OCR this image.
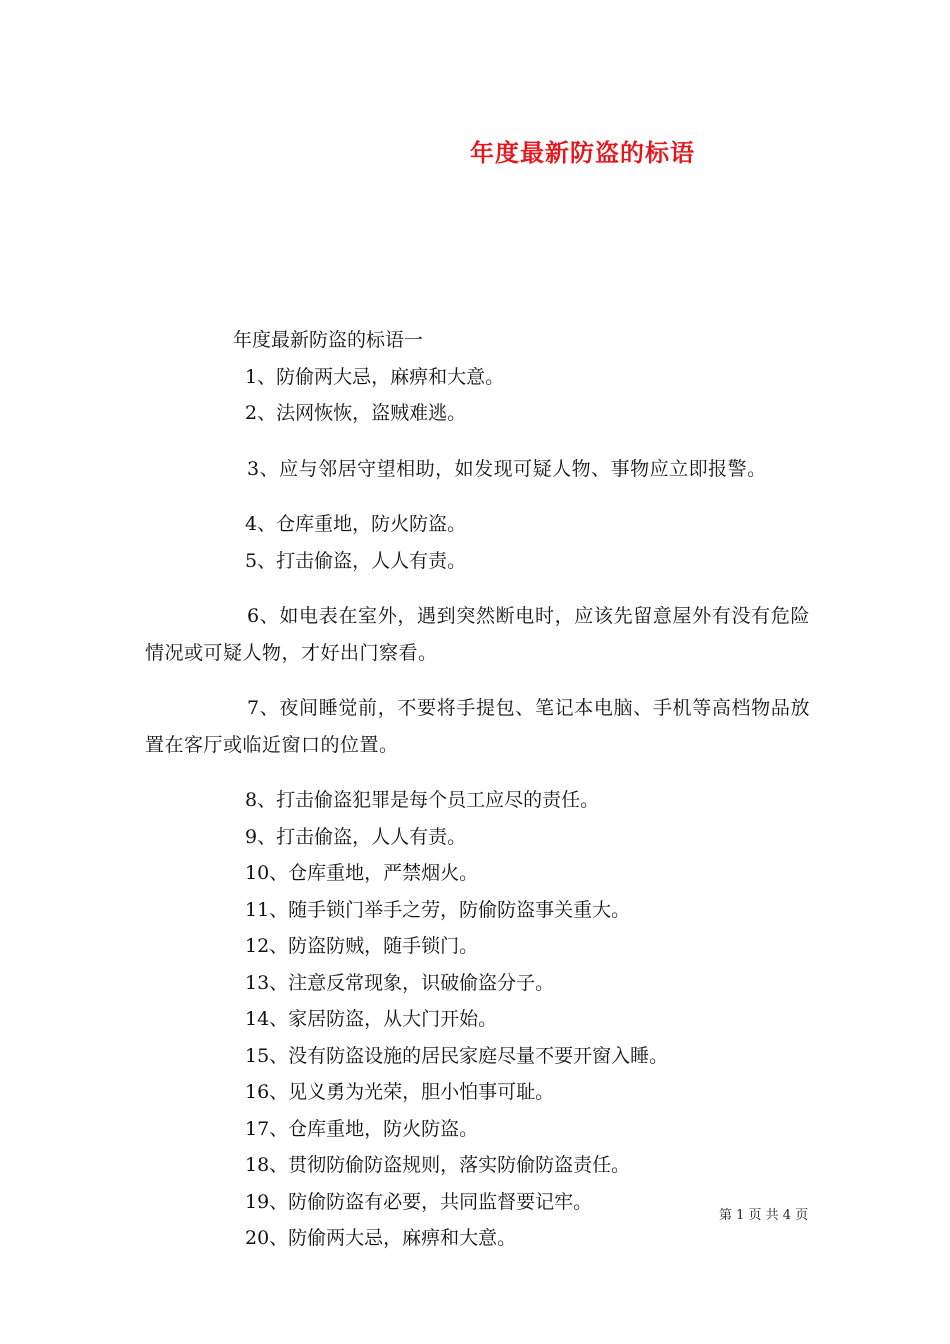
年度最新防盗的标语

年度最新防盗的标语一

1、防偷两大忌，麻痹和大意。

2、法网恢恢，盗贼难逃。

3、应与邻居守望相助，如发现可疑人物、事物应立即报警。

4、仓库重地，防火防盗。

5、打击偷盗，人人有责。

6、如电表在室外，遇到突然断电时，应该先留意屋外有没有危险情况或可疑人物，才好出门察看。

7、夜间睡觉前，不要将手提包、笔记本电脑、手机等高档物品放置在客厅或临近窗口的位置。

8、打击偷盗犯罪是每个员工应尽的责任。

9、打击偷盗，人人有责。

10、仓库重地，严禁烟火。

11、随手锁门举手之劳，防偷防盗事关重大。

12、防盗防贼，随手锁门。

13、注意反常现象，识破偷盗分子。

14、家居防盗，从大门开始。

15、没有防盗设施的居民家庭尽量不要开窗入睡。

16、见义勇为光荣，胆小怕事可耻。

17、仓库重地，防火防盗。

18、贯彻防偷防盗规则，落实防偷防盗责任。

19、防偷防盗有必要，共同监督要记牢。

20、防偷两大忌，麻痹和大意。

第 1 页 共 4 页
